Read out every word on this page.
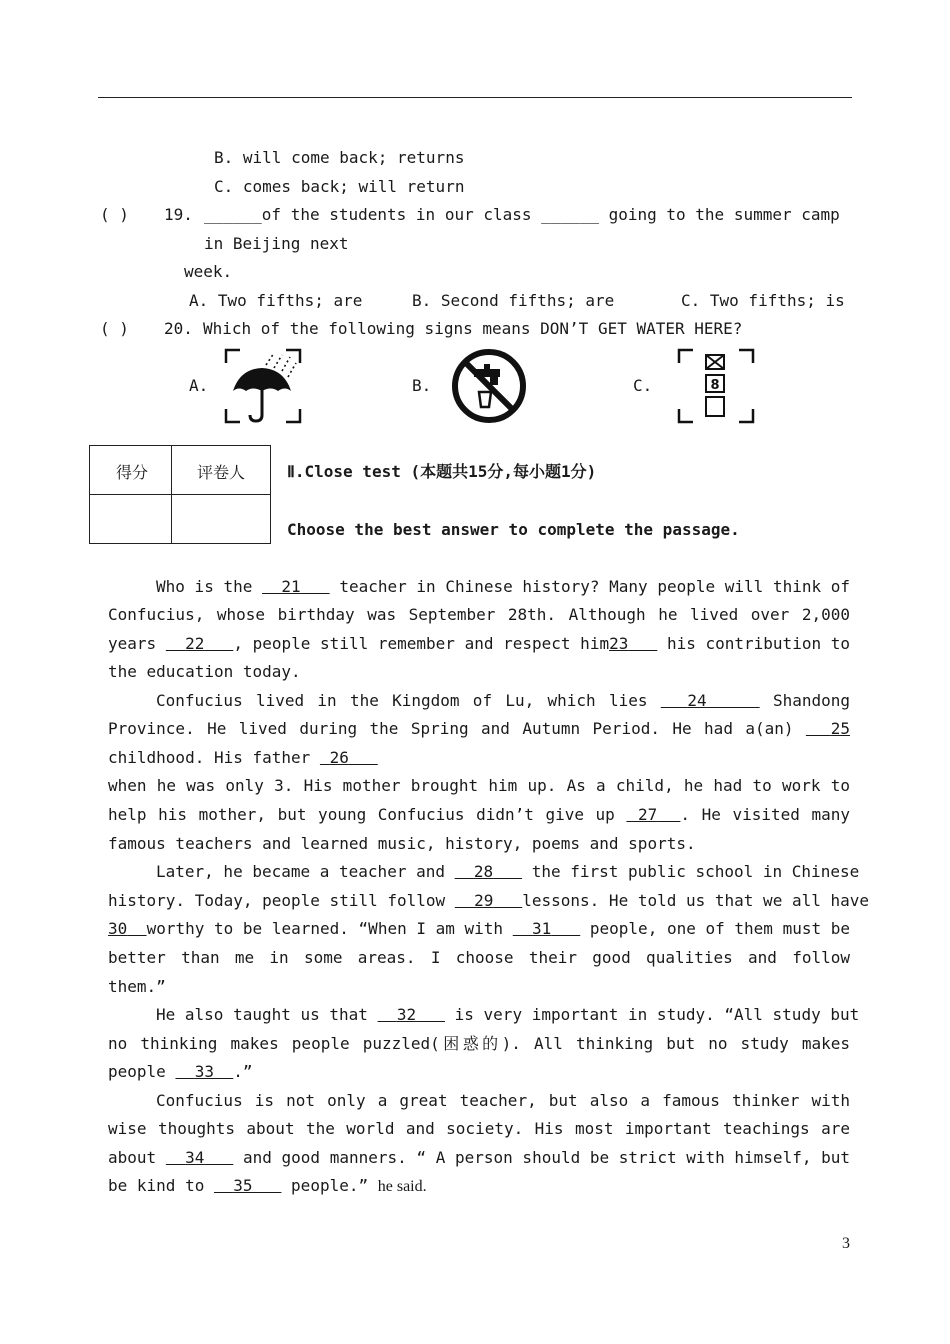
B. will come back; returns
C. comes back; will return
( ) 19. ______of the students in our class ______ going to the summer camp
in Beijing next
week.
A. Two fifths; are	B. Second fifths; are	C. Two fifths; is
( ) 20. Which of the following signs means DON’T GET WATER HERE?
A.	B.	C.	8
得分	评卷人	Ⅱ.Close test (本题共15分,每小题1分)
Choose the best answer to complete the passage.
Who is the 21 teacher in Chinese history? Many people will think of
Confucius, whose birthday was September 28th. Although he lived over 2,000
years 22 , people still remember and respect him23 his contribution to
the education today.
Confucius lived in the Kingdom of Lu, which lies 24	Shandong
Province. He lived during the Spring and Autumn Period. He had a(an) 25
childhood. His father 26
when he was only 3. His mother brought him up. As a child, he had to work to
help his mother, but young Confucius didn’t give up 27 . He visited many
famous teachers and learned music, history, poems and sports.
Later, he became a teacher and 28 the first public school in Chinese
history. Today, people still follow 29 lessons. He told us that we all have
30 worthy to be learned. “When I am with 31 people, one of them must be
better than me in some areas. I choose their good qualities and follow
them.”
He also taught us that 32 is very important in study. “All study but
no thinking makes people puzzled(困惑的). All thinking but no study makes
people 33 .”
Confucius is not only a great teacher, but also a famous thinker with
wise thoughts about the world and society. His most important teachings are
about 34 and good manners. “ A person should be strict with himself, but
be kind to 35 people.” he said.
3
